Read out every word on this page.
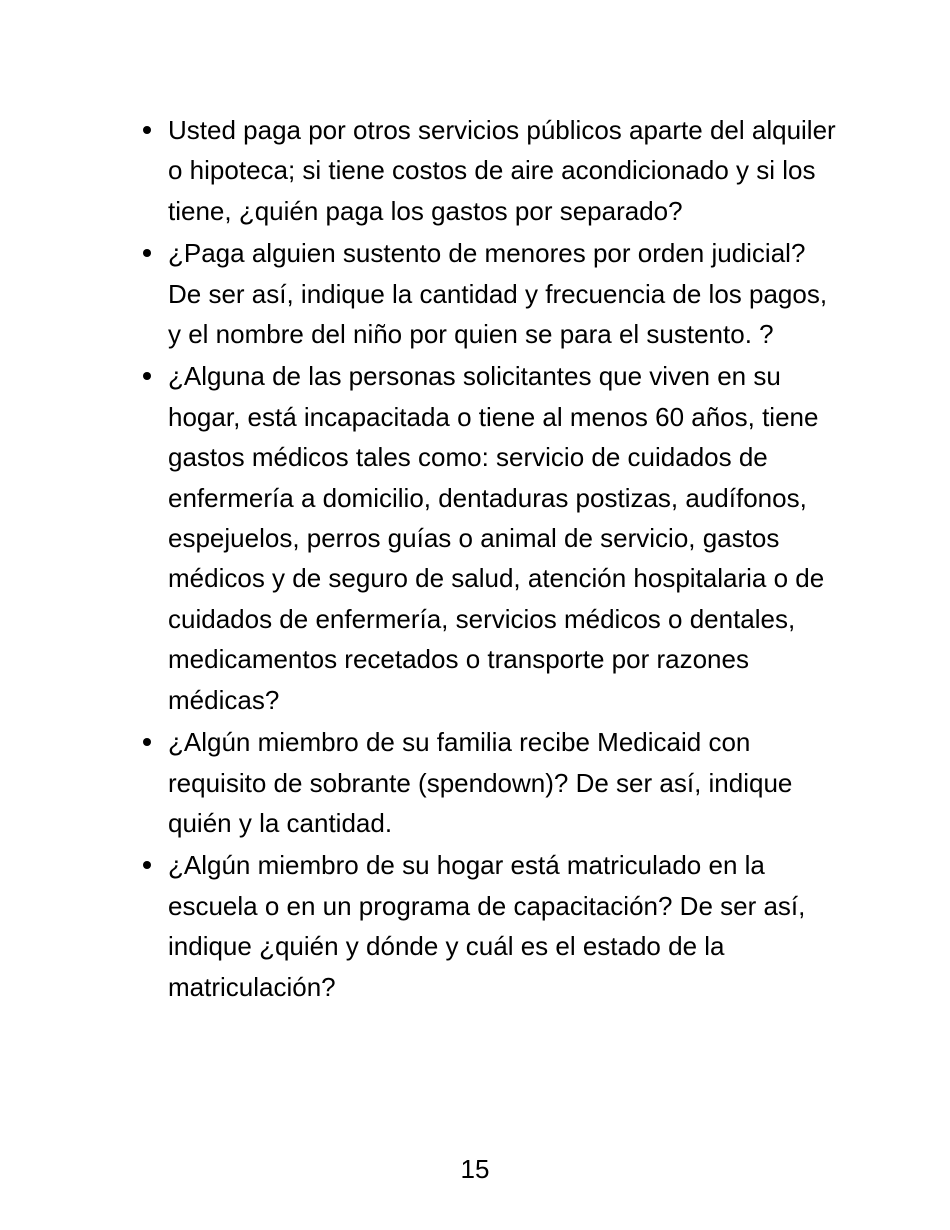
Usted paga por otros servicios públicos aparte del alquiler o hipoteca; si tiene costos de aire acondicionado y si los tiene, ¿quién paga los gastos por separado?
¿Paga alguien sustento de menores por orden judicial? De ser así, indique la cantidad y frecuencia de los pagos, y el nombre del niño por quien se para el sustento. ?
¿Alguna de las personas solicitantes que viven en su hogar, está incapacitada o tiene al menos 60 años, tiene gastos médicos tales como: servicio de cuidados de enfermería a domicilio, dentaduras postizas, audífonos, espejuelos, perros guías o animal de servicio, gastos médicos y de seguro de salud, atención hospitalaria o de cuidados de enfermería, servicios médicos o dentales, medicamentos recetados o transporte por razones médicas?
¿Algún miembro de su familia recibe Medicaid con requisito de sobrante (spendown)? De ser así, indique quién y la cantidad.
¿Algún miembro de su hogar está matriculado en la escuela o en un programa de capacitación? De ser así, indique ¿quién y dónde y cuál es el estado de la matriculación?
15
